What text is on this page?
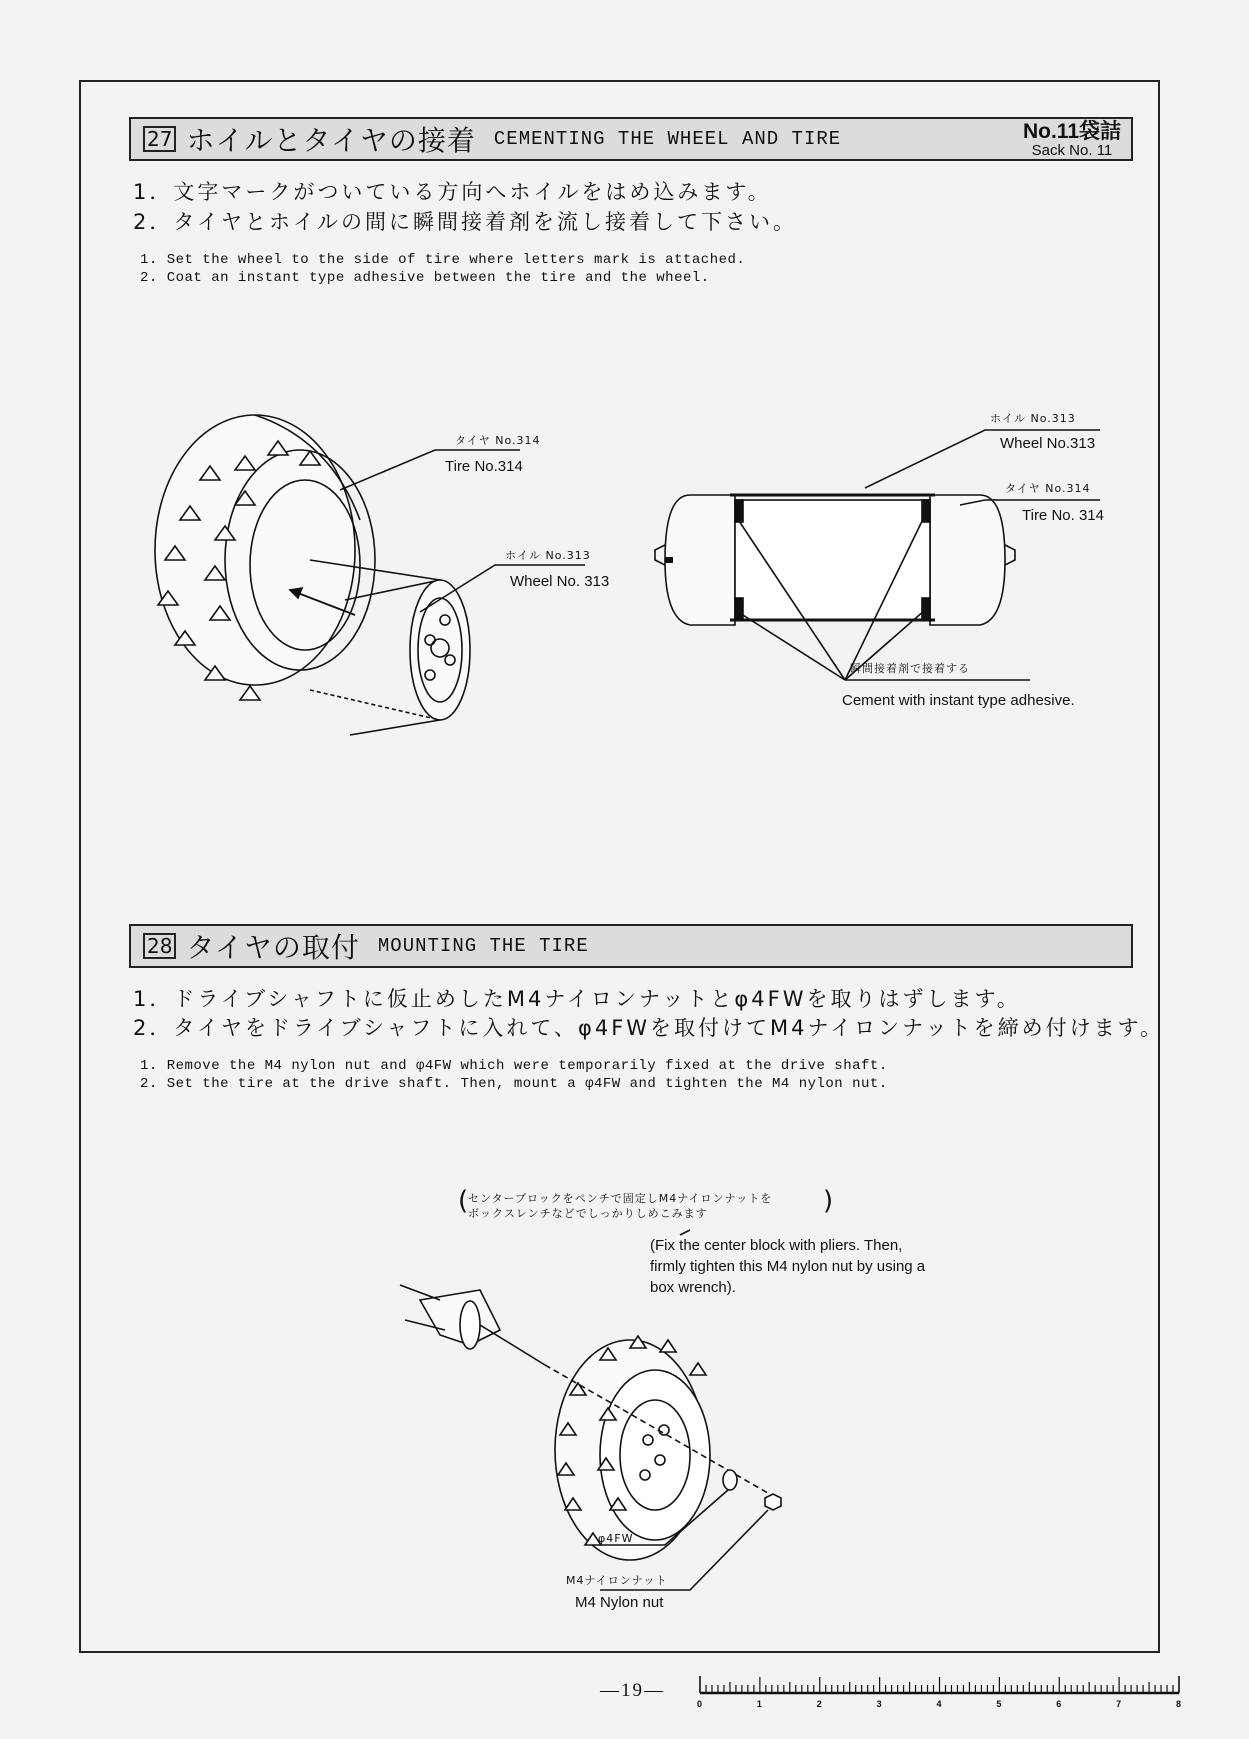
27 ホイルとタイヤの接着 CEMENTING THE WHEEL AND TIRE	No.11袋詰
Sack No. 11
1．文字マークがついている方向へホイルをはめ込みます。
2．タイヤとホイルの間に瞬間接着剤を流し接着して下さい。
1. Set the wheel to the side of tire where letters mark is attached.
2. Coat an instant type adhesive between the tire and the wheel.
28 タイヤの取付 MOUNTING THE TIRE
1．ドライブシャフトに仮止めしたM4ナイロンナットとφ4FWを取りはずします。
2．タイヤをドライブシャフトに入れて、φ4FWを取付けてM4ナイロンナットを締め付けます。
1. Remove the M4 nylon nut and φ4FW which were temporarily fixed at the drive shaft.
2. Set the tire at the drive shaft. Then, mount a φ4FW and tighten the M4 nylon nut.
タイヤ No.314
Tire No.314
ホイル No.313
Wheel No. 313
ホイル No.313
Wheel No.313
タイヤ No.314
Tire No. 314
瞬間接着剤で接着する
Cement with instant type adhesive.
センターブロックをペンチで固定しM4ナイロンナットを
ボックスレンチなどでしっかりしめこみます
(	)
(Fix the center block with pliers. Then,
firmly tighten this M4 nylon nut by using a
box wrench).
φ4FW
M4ナイロンナット
M4 Nylon nut
—19—
0	1	2	3	4	5	6	7	8
